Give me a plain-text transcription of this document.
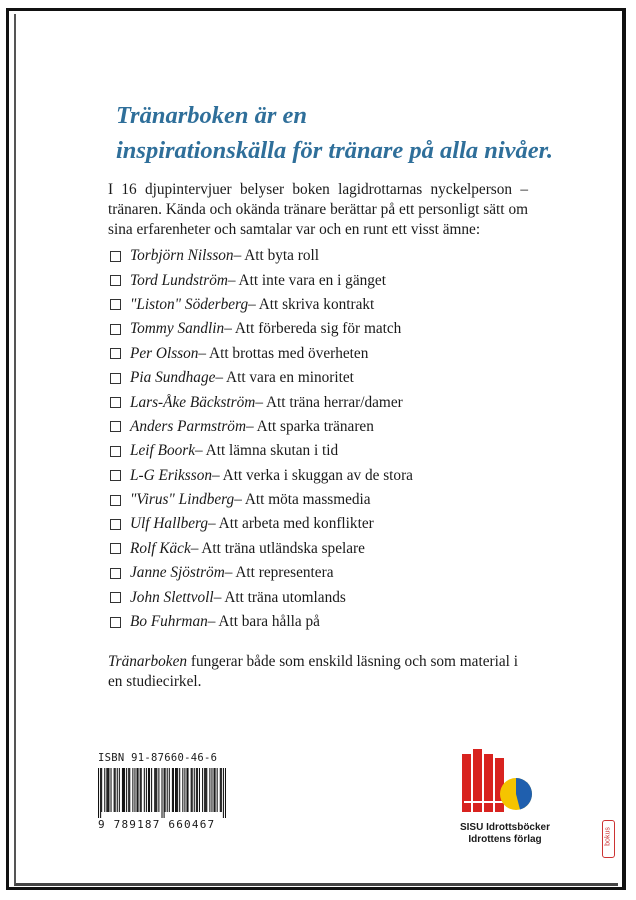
Tränarboken är en
inspirationskälla för tränare på alla nivåer.

I 16 djupintervjuer belyser boken lagidrottarnas nyckelperson – tränaren. Kända och okända tränare berättar på ett personligt sätt om sina erfarenheter och samtalar var och en runt ett visst ämne:

Torbjörn Nilsson – Att byta roll
Tord Lundström – Att inte vara en i gänget
"Liston" Söderberg – Att skriva kontrakt
Tommy Sandlin – Att förbereda sig för match
Per Olsson – Att brottas med överheten
Pia Sundhage – Att vara en minoritet
Lars-Åke Bäckström – Att träna herrar/damer
Anders Parmström – Att sparka tränaren
Leif Boork – Att lämna skutan i tid
L-G Eriksson – Att verka i skuggan av de stora
"Virus" Lindberg – Att möta massmedia
Ulf Hallberg – Att arbeta med konflikter
Rolf Käck – Att träna utländska spelare
Janne Sjöström – Att representera
John Slettvoll – Att träna utomlands
Bo Fuhrman – Att bara hålla på

Tränarboken fungerar både som enskild läsning och som material i en studiecirkel.

ISBN 91-87660-46-6

9 789187 660467	SISU Idrottsböcker
Idrottens förlag	bokus
